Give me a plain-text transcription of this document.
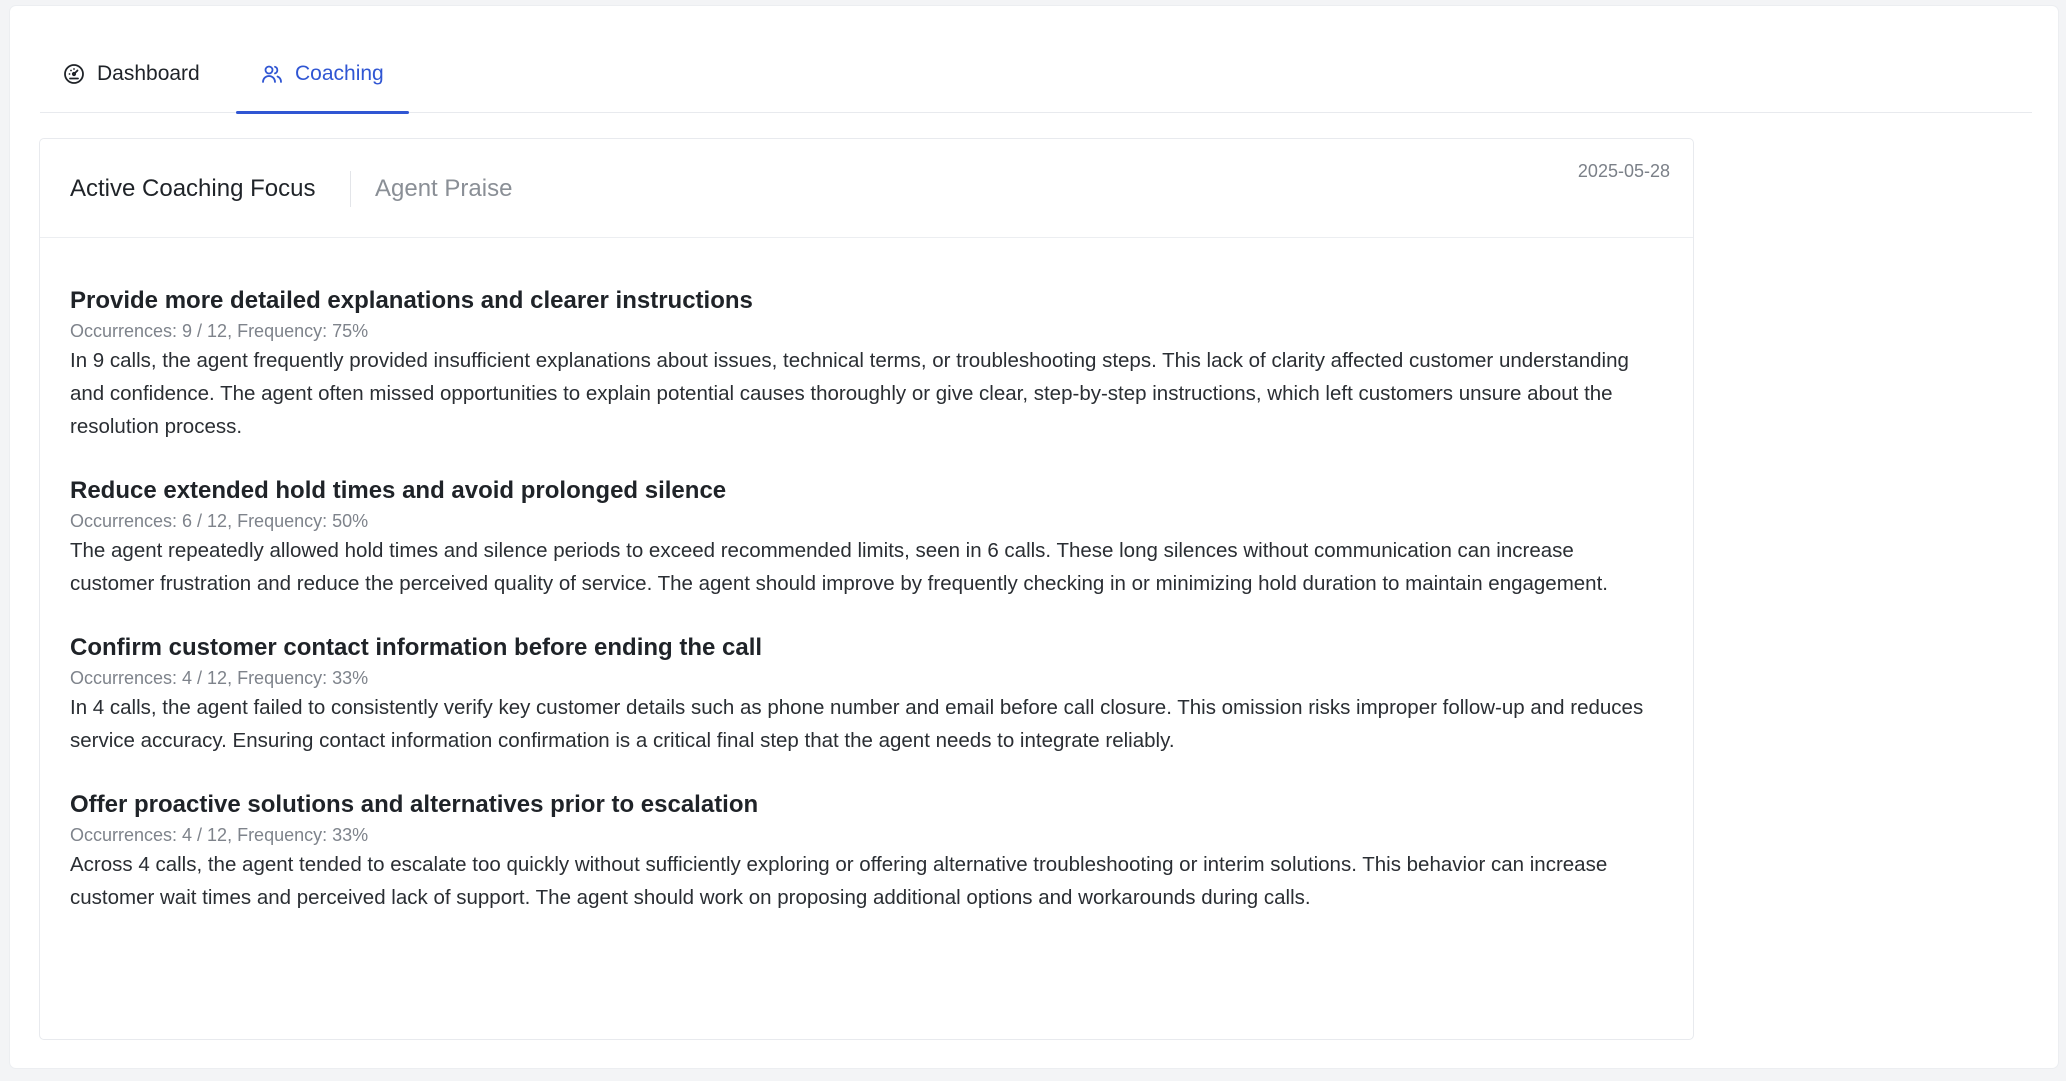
Dashboard	Coaching
Active Coaching Focus Agent Praise
2025-05-28
Provide more detailed explanations and clearer instructions
Occurrences: 9 / 12, Frequency: 75%
In 9 calls, the agent frequently provided insufficient explanations about issues, technical terms, or troubleshooting steps. This lack of clarity affected customer understanding and confidence. The agent often missed opportunities to explain potential causes thoroughly or give clear, step-by-step instructions, which left customers unsure about the resolution process.
Reduce extended hold times and avoid prolonged silence
Occurrences: 6 / 12, Frequency: 50%
The agent repeatedly allowed hold times and silence periods to exceed recommended limits, seen in 6 calls. These long silences without communication can increase customer frustration and reduce the perceived quality of service. The agent should improve by frequently checking in or minimizing hold duration to maintain engagement.
Confirm customer contact information before ending the call
Occurrences: 4 / 12, Frequency: 33%
In 4 calls, the agent failed to consistently verify key customer details such as phone number and email before call closure. This omission risks improper follow-up and reduces service accuracy. Ensuring contact information confirmation is a critical final step that the agent needs to integrate reliably.
Offer proactive solutions and alternatives prior to escalation
Occurrences: 4 / 12, Frequency: 33%
Across 4 calls, the agent tended to escalate too quickly without sufficiently exploring or offering alternative troubleshooting or interim solutions. This behavior can increase customer wait times and perceived lack of support. The agent should work on proposing additional options and workarounds during calls.
